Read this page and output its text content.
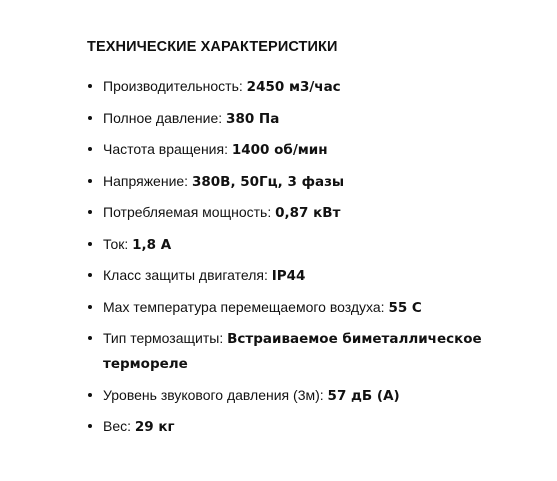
ТЕХНИЧЕСКИЕ ХАРАКТЕРИСТИКИ
Производительность: 2450 м3/час
Полное давление: 380 Па
Частота вращения: 1400 об/мин
Напряжение: 380В, 50Гц, 3 фазы
Потребляемая мощность: 0,87 кВт
Ток: 1,8 А
Класс защиты двигателя: IP44
Max температура перемещаемого воздуха: 55 С
Тип термозащиты: Встраиваемое биметаллическое термореле
Уровень звукового давления (3м): 57 дБ (А)
Вес: 29 кг
